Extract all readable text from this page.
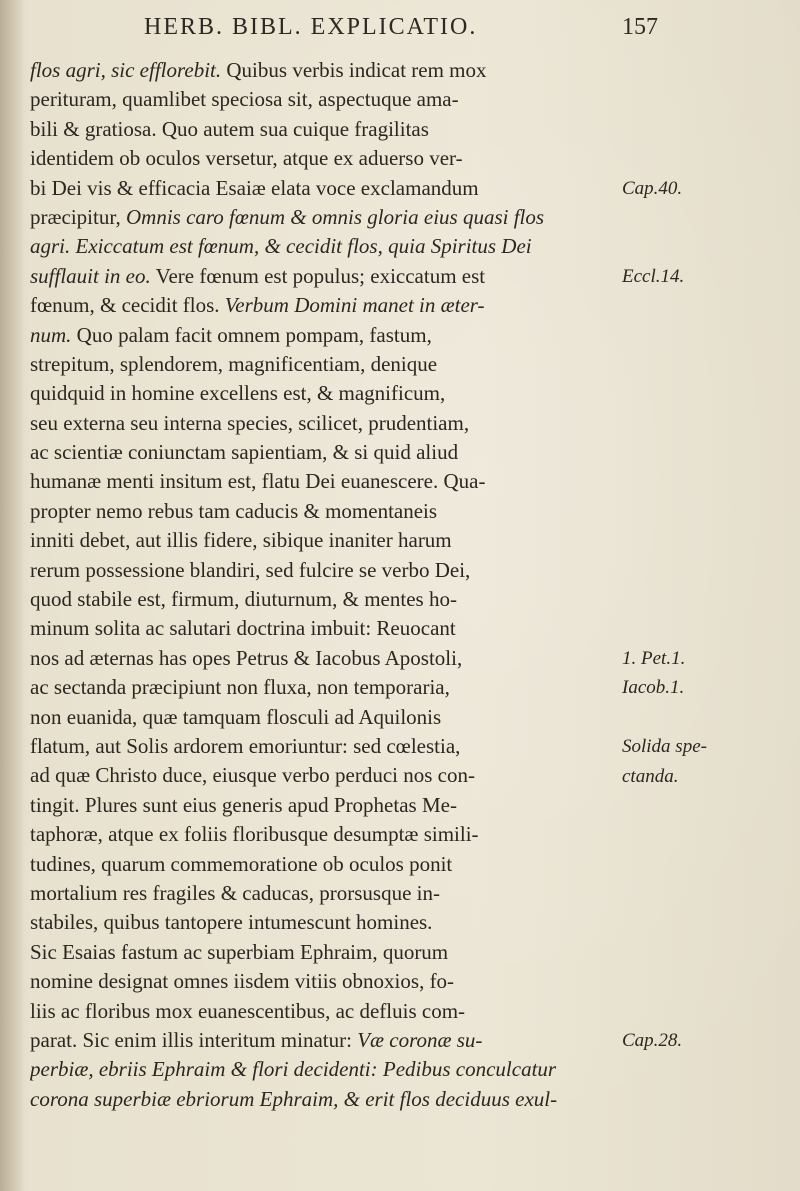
HERB. BIBL. EXPLICATIO.	157
flos agri, sic efflorebit. Quibus verbis indicat rem mox
perituram, quamlibet speciosa sit, aspectuque ama-
bili & gratiosa. Quo autem sua cuique fragilitas
identidem ob oculos versetur, atque ex aduerso ver-
bi Dei vis & efficacia Esaiæ elata voce exclamandum
præcipitur, Omnis caro fœnum & omnis gloria eius quasi flos
agri. Exiccatum est fœnum, & cecidit flos, quia Spiritus Dei
sufflauit in eo. Vere fœnum est populus; exiccatum est
fœnum, & cecidit flos. Verbum Domini manet in æter-
num. Quo palam facit omnem pompam, fastum,
strepitum, splendorem, magnificentiam, denique
quidquid in homine excellens est, & magnificum,
seu externa seu interna species, scilicet, prudentiam,
ac scientiæ coniunctam sapientiam, & si quid aliud
humanæ menti insitum est, flatu Dei euanescere. Qua-
propter nemo rebus tam caducis & momentaneis
inniti debet, aut illis fidere, sibique inaniter harum
rerum possessione blandiri, sed fulcire se verbo Dei,
quod stabile est, firmum, diuturnum, & mentes ho-
minum solita ac salutari doctrina imbuit: Reuocant
nos ad æternas has opes Petrus & Iacobus Apostoli,
ac sectanda præcipiunt non fluxa, non temporaria,
non euanida, quæ tamquam flosculi ad Aquilonis
flatum, aut Solis ardorem emoriuntur: sed cœlestia,
ad quæ Christo duce, eiusque verbo perduci nos con-
tingit. Plures sunt eius generis apud Prophetas Me-
taphoræ, atque ex foliis floribusque desumptæ simili-
tudines, quarum commemoratione ob oculos ponit
mortalium res fragiles & caducas, prorsusque in-
stabiles, quibus tantopere intumescunt homines.
Sic Esaias fastum ac superbiam Ephraim, quorum
nomine designat omnes iisdem vitiis obnoxios, fo-
liis ac floribus mox euanescentibus, ac defluis com-
parat. Sic enim illis interitum minatur: Væ coronæ su-
perbiæ, ebriis Ephraim & flori decidenti: Pedibus conculcatur
corona superbiæ ebriorum Ephraim, & erit flos deciduus exul-
Cap.40.
Eccl.14.
1. Pet.1.
Iacob.1.
Solida spe-
ctanda.
Cap.28.
